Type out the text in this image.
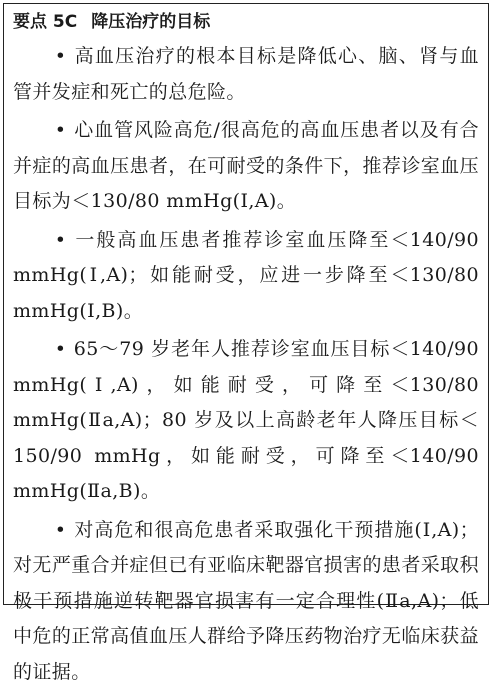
要点 5C 降压治疗的目标

• 高血压治疗的根本目标是降低心、脑、肾与血管并发症和死亡的总危险。

• 心血管风险高危/很高危的高血压患者以及有合并症的高血压患者，在可耐受的条件下，推荐诊室血压目标为＜130/80 mmHg(Ⅰ,A)。

• 一般高血压患者推荐诊室血压降至＜140/90 mmHg(Ⅰ,A)；如能耐受，应进一步降至＜130/80 mmHg(Ⅰ,B)。

• 65～79 岁老年人推荐诊室血压目标＜140/90 mmHg(Ⅰ,A)，如能耐受，可降至＜130/80 mmHg(Ⅱa,A)；80 岁及以上高龄老年人降压目标＜150/90 mmHg，如能耐受，可降至＜140/90 mmHg(Ⅱa,B)。

• 对高危和很高危患者采取强化干预措施(Ⅰ,A)；对无严重合并症但已有亚临床靶器官损害的患者采取积极干预措施逆转靶器官损害有一定合理性(Ⅱa,A)；低中危的正常高值血压人群给予降压药物治疗无临床获益的证据。
